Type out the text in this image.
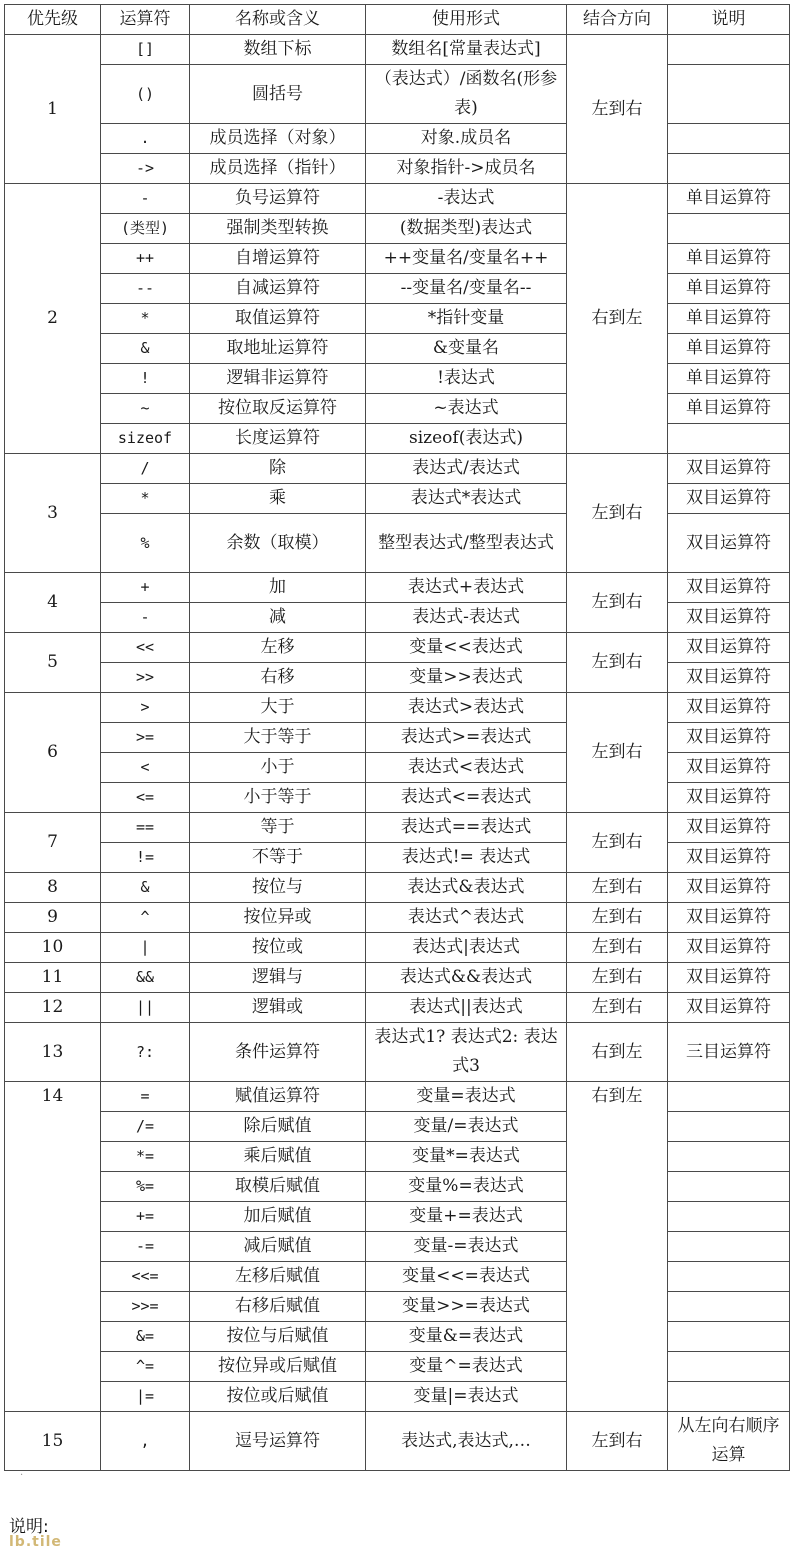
优先级	运算符	名称或含义	使用形式	结合方向	说明
1	[]	数组下标	数组名[常量表达式]	左到右	
	()	圆括号	（表达式）/函数名(形参表)		
	.	成员选择（对象）	对象.成员名		
	->	成员选择（指针）	对象指针->成员名		
2	-	负号运算符	-表达式	右到左	单目运算符
	(类型)	强制类型转换	(数据类型)表达式		
	++	自增运算符	++变量名/变量名++		单目运算符
	--	自减运算符	--变量名/变量名--		单目运算符
	*	取值运算符	*指针变量		单目运算符
	&	取地址运算符	&变量名		单目运算符
	!	逻辑非运算符	!表达式		单目运算符
	~	按位取反运算符	~表达式		单目运算符
	sizeof	长度运算符	sizeof(表达式)		
3	/	除	表达式/表达式	左到右	双目运算符
	*	乘	表达式*表达式		双目运算符
	%	余数（取模）	整型表达式/整型表达式		双目运算符
4	+	加	表达式+表达式	左到右	双目运算符
	-	减	表达式-表达式		双目运算符
5	<<	左移	变量<<表达式	左到右	双目运算符
	>>	右移	变量>>表达式		双目运算符
6	>	大于	表达式>表达式	左到右	双目运算符
	>=	大于等于	表达式>=表达式		双目运算符
	<	小于	表达式<表达式		双目运算符
	<=	小于等于	表达式<=表达式		双目运算符
7	==	等于	表达式==表达式	左到右	双目运算符
	!=	不等于	表达式!= 表达式		双目运算符
8	&	按位与	表达式&表达式	左到右	双目运算符
9	^	按位异或	表达式^表达式	左到右	双目运算符
10	|	按位或	表达式|表达式	左到右	双目运算符
11	&&	逻辑与	表达式&&表达式	左到右	双目运算符
12	||	逻辑或	表达式||表达式	左到右	双目运算符
13	?:	条件运算符	表达式1? 表达式2: 表达式3	右到左	三目运算符
14	=	赋值运算符	变量=表达式	右到左	
	/=	除后赋值	变量/=表达式		
	*=	乘后赋值	变量*=表达式		
	%=	取模后赋值	变量%=表达式		
	+=	加后赋值	变量+=表达式		
	-=	减后赋值	变量-=表达式		
	<<=	左移后赋值	变量<<=表达式		
	>>=	右移后赋值	变量>>=表达式		
	&=	按位与后赋值	变量&=表达式		
	^=	按位异或后赋值	变量^=表达式		
	|=	按位或后赋值	变量|=表达式		
15	,	逗号运算符	表达式,表达式,…	左到右	从左向右顺序运算
·
说明:
lb.tile
